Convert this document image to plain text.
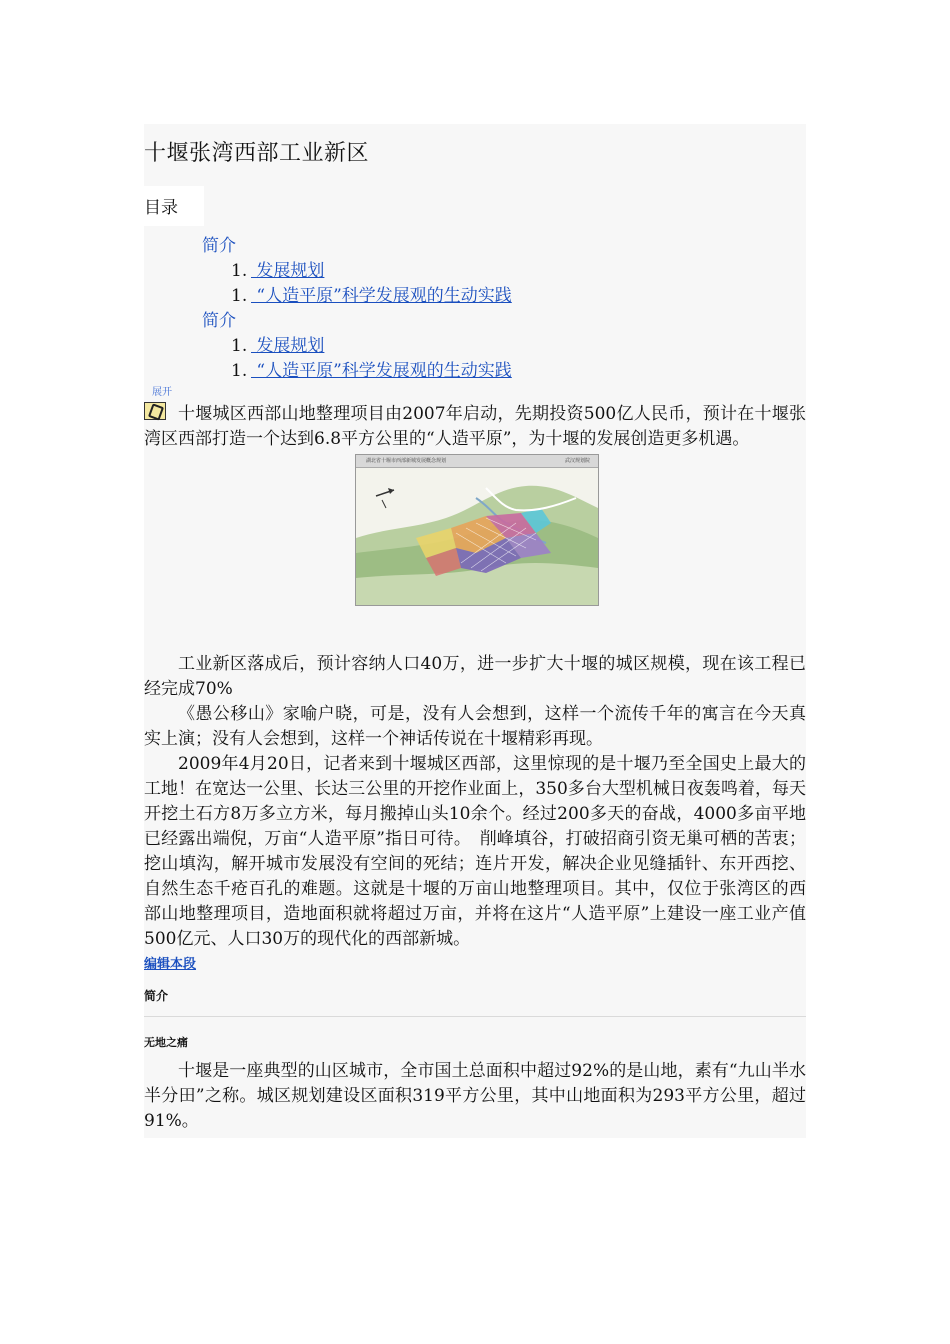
十堰张湾西部工业新区
目录
简介
1. 发展规划
1. “人造平原”科学发展观的生动实践
简介
1. 发展规划
1. “人造平原”科学发展观的生动实践
展开

十堰城区西部山地整理项目由2007年启动，先期投资500亿人民币，预计在十堰张湾区西部打造一个达到6.8平方公里的“人造平原”，为十堰的发展创造更多机遇。

湖北省十堰市西部新城发展概念规划	武汉规划院

工业新区落成后，预计容纳人口40万，进一步扩大十堰的城区规模，现在该工程已经完成70%

《愚公移山》家喻户晓，可是，没有人会想到，这样一个流传千年的寓言在今天真实上演；没有人会想到，这样一个神话传说在十堰精彩再现。

2009年4月20日，记者来到十堰城区西部，这里惊现的是十堰乃至全国史上最大的工地！在宽达一公里、长达三公里的开挖作业面上，350多台大型机械日夜轰鸣着，每天开挖土石方8万多立方米，每月搬掉山头10余个。经过200多天的奋战，4000多亩平地已经露出端倪，万亩“人造平原”指日可待。　削峰填谷，打破招商引资无巢可栖的苦衷；挖山填沟，解开城市发展没有空间的死结；连片开发，解决企业见缝插针、东开西挖、自然生态千疮百孔的难题。这就是十堰的万亩山地整理项目。其中，仅位于张湾区的西部山地整理项目，造地面积就将超过万亩，并将在这片“人造平原”上建设一座工业产值500亿元、人口30万的现代化的西部新城。

编辑本段
简介
无地之痛

十堰是一座典型的山区城市，全市国土总面积中超过92%的是山地，素有“九山半水半分田”之称。城区规划建设区面积319平方公里，其中山地面积为293平方公里，超过91%。
